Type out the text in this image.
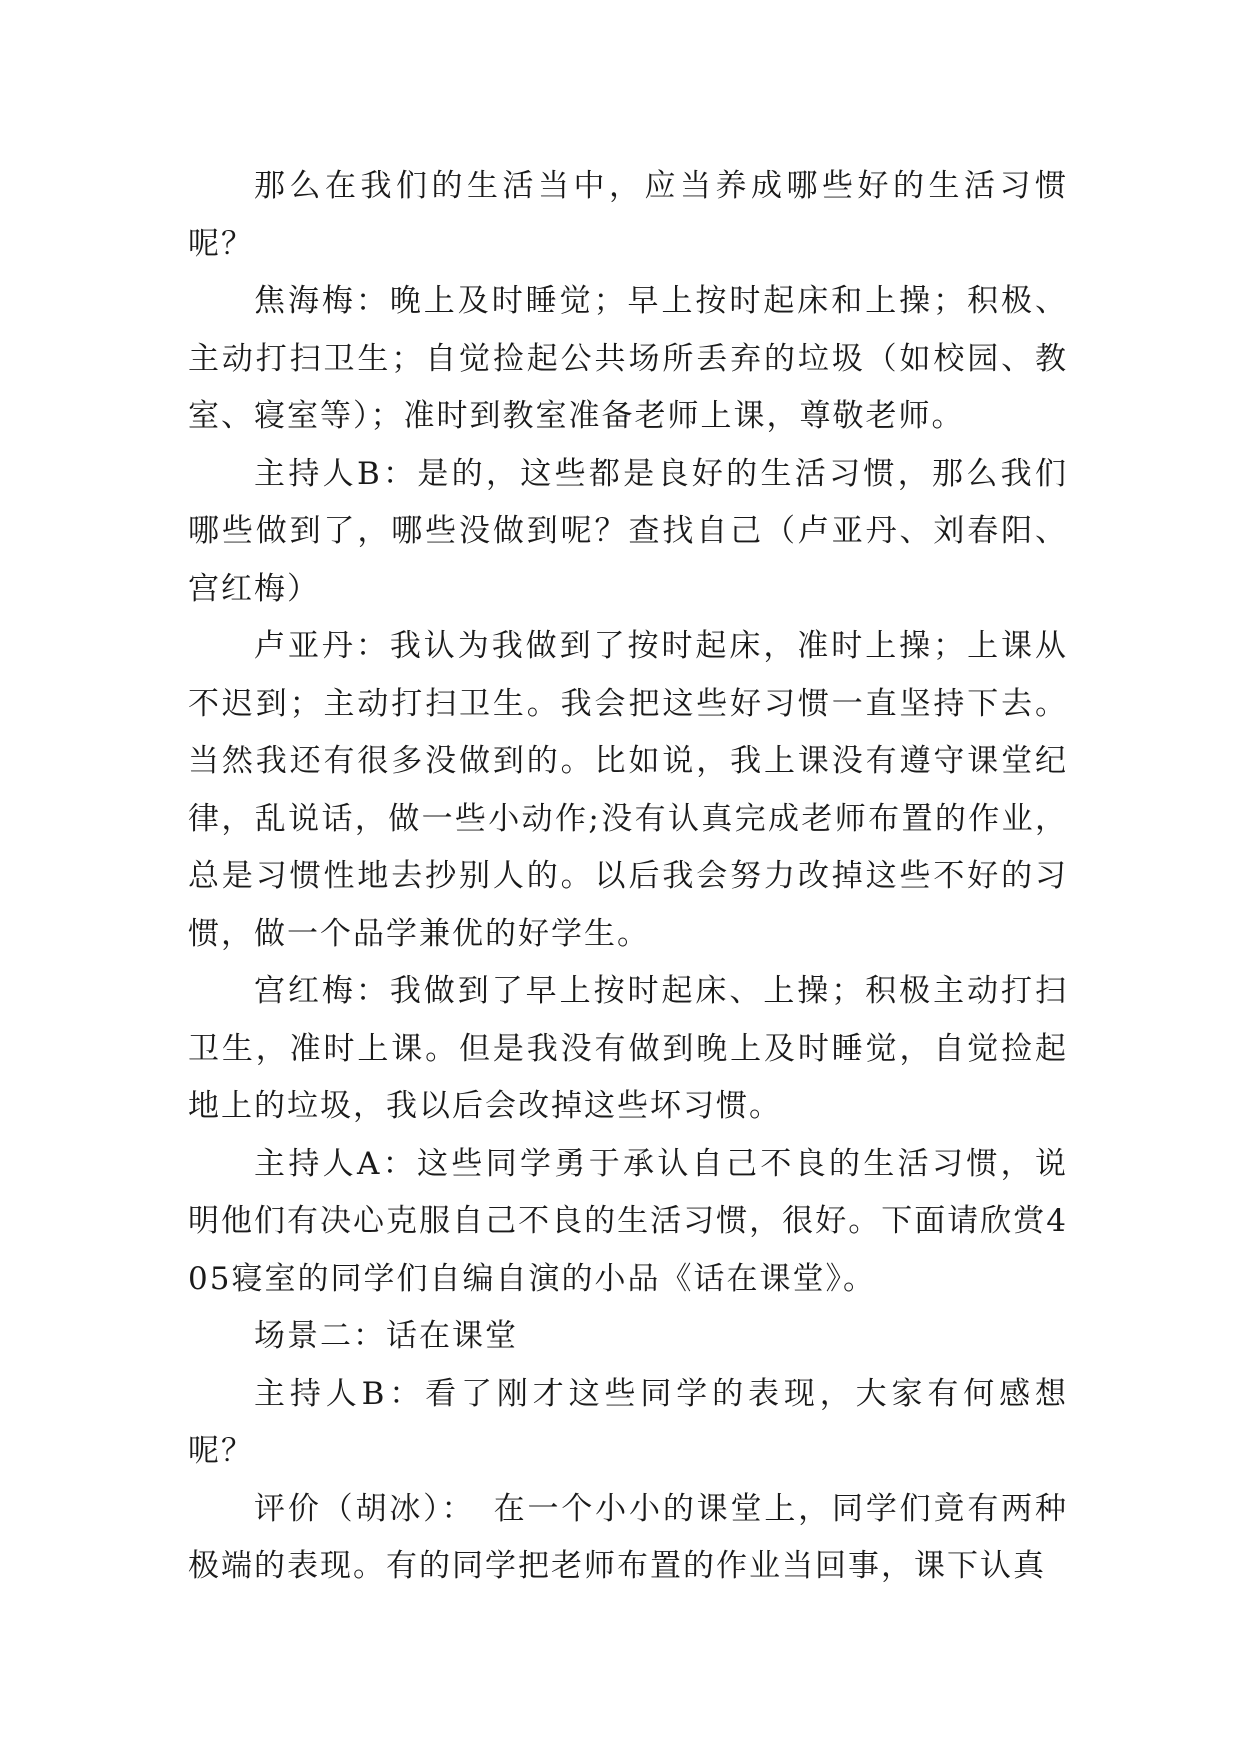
那么在我们的生活当中，应当养成哪些好的生活习惯呢？

焦海梅：晚上及时睡觉；早上按时起床和上操；积极、主动打扫卫生；自觉捡起公共场所丢弃的垃圾（如校园、教室、寝室等）；准时到教室准备老师上课，尊敬老师。

主持人B：是的，这些都是良好的生活习惯，那么我们哪些做到了，哪些没做到呢？查找自己（卢亚丹、刘春阳、宫红梅）

卢亚丹：我认为我做到了按时起床，准时上操；上课从不迟到；主动打扫卫生。我会把这些好习惯一直坚持下去。当然我还有很多没做到的。比如说，我上课没有遵守课堂纪律，乱说话，做一些小动作;没有认真完成老师布置的作业，总是习惯性地去抄别人的。以后我会努力改掉这些不好的习惯，做一个品学兼优的好学生。

宫红梅：我做到了早上按时起床、上操；积极主动打扫卫生，准时上课。但是我没有做到晚上及时睡觉，自觉捡起地上的垃圾，我以后会改掉这些坏习惯。

主持人A：这些同学勇于承认自己不良的生活习惯，说明他们有决心克服自己不良的生活习惯，很好。下面请欣赏405寝室的同学们自编自演的小品《话在课堂》。

场景二：话在课堂

主持人B：看了刚才这些同学的表现，大家有何感想呢？

评价（胡冰）：　在一个小小的课堂上，同学们竟有两种极端的表现。有的同学把老师布置的作业当回事，课下认真
